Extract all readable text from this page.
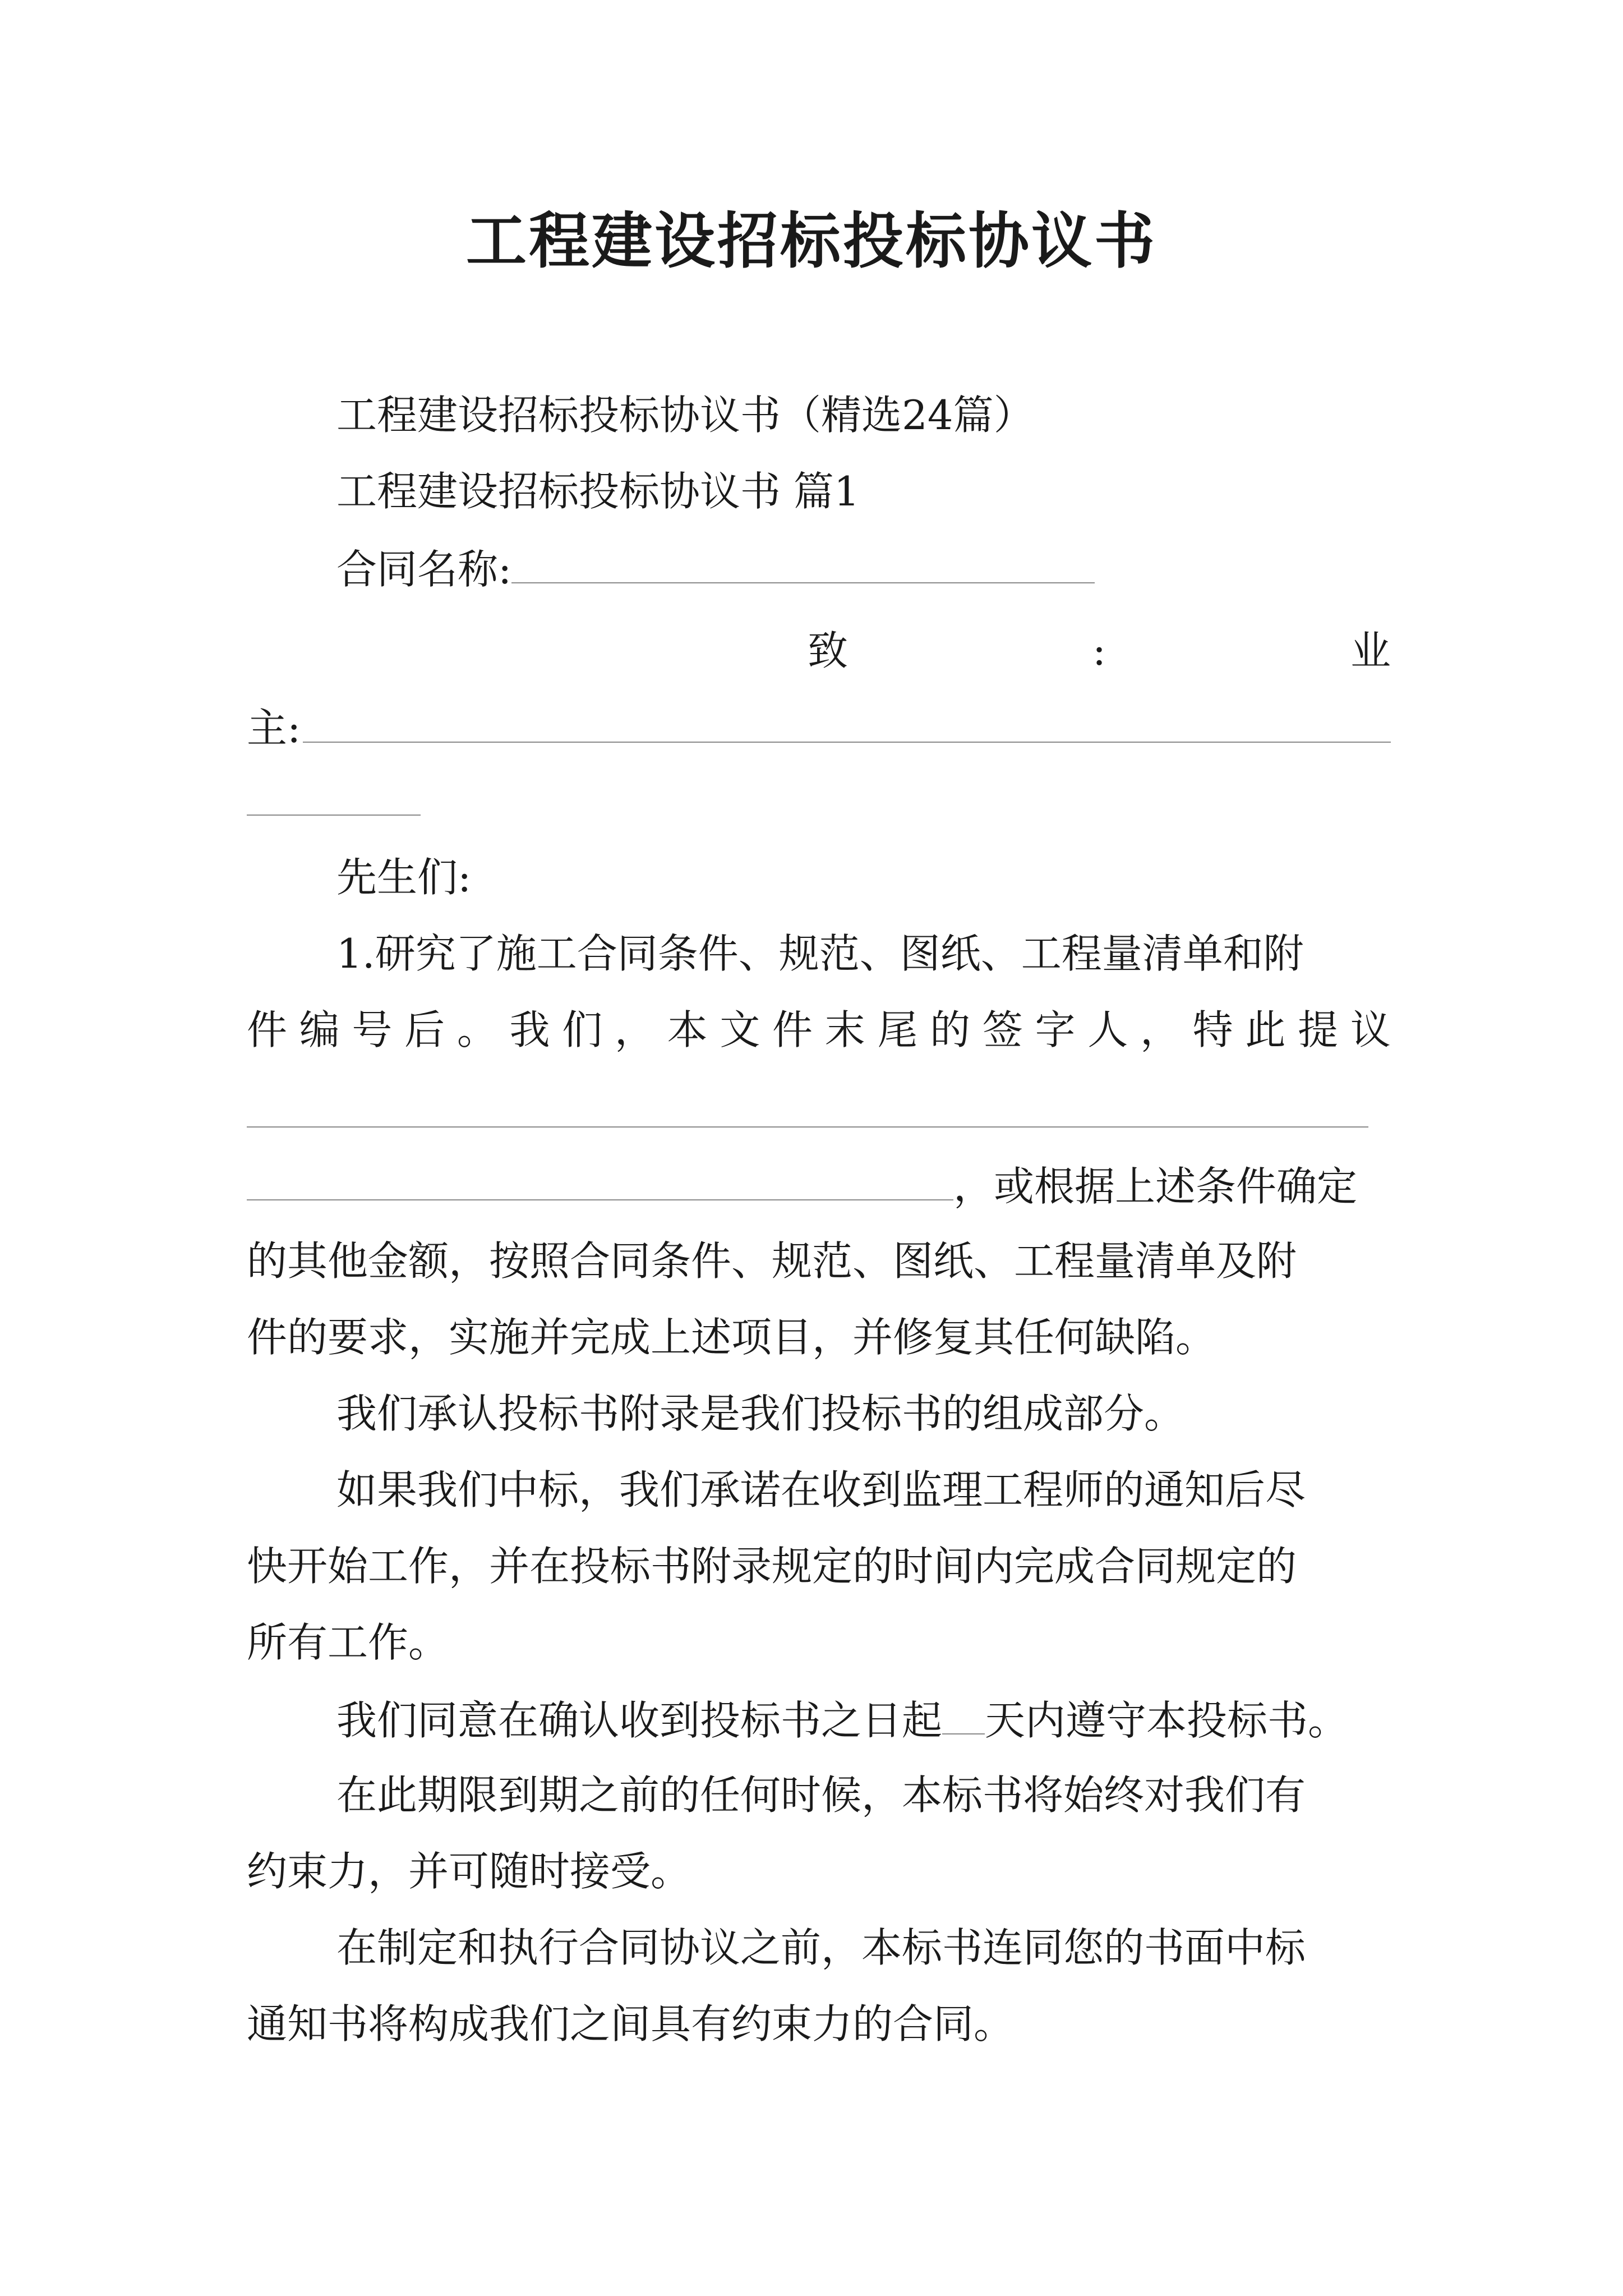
工程建设招标投标协议书
工程建设招标投标协议书（精选24篇）
工程建设招标投标协议书 篇1
合同名称:
致	:	业
主:
先生们:
1.研究了施工合同条件、规范、图纸、工程量清单和附
件 编 号 后 。 我 们 ， 本 文 件 末 尾 的 签 字 人 ， 特 此 提 议
，或根据上述条件确定
的其他金额，按照合同条件、规范、图纸、工程量清单及附
件的要求，实施并完成上述项目，并修复其任何缺陷。
我们承认投标书附录是我们投标书的组成部分。
如果我们中标，我们承诺在收到监理工程师的通知后尽
快开始工作，并在投标书附录规定的时间内完成合同规定的
所有工作。
我们同意在确认收到投标书之日起 天内遵守本投标书。
在此期限到期之前的任何时候，本标书将始终对我们有
约束力，并可随时接受。
在制定和执行合同协议之前，本标书连同您的书面中标
通知书将构成我们之间具有约束力的合同。
